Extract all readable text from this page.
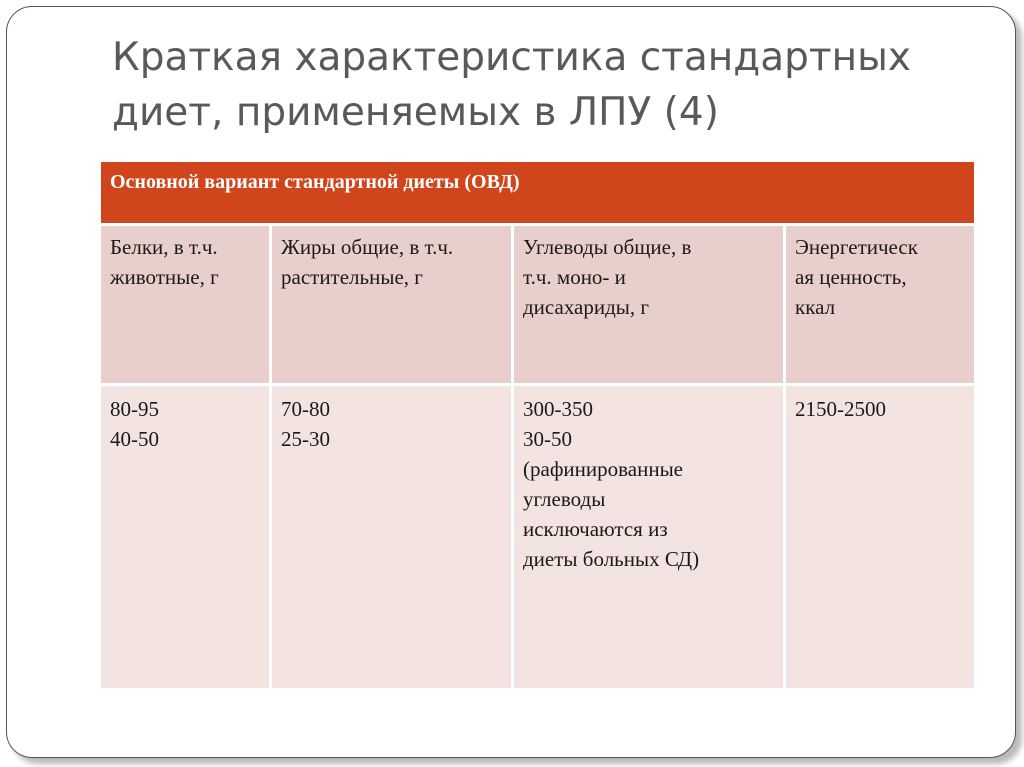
Краткая характеристика стандартных
диет, применяемых в ЛПУ (4)
Основной вариант стандартной диеты (ОВД)
Белки, в т.ч.
животные, г
Жиры общие, в т.ч.
растительные, г
Углеводы общие, в
т.ч. моно- и
дисахариды, г
Энергетическ
ая ценность,
ккал
80-95
40-50
70-80
25-30
300-350
30-50
(рафинированные
углеводы
исключаются из
диеты больных СД)
2150-2500
